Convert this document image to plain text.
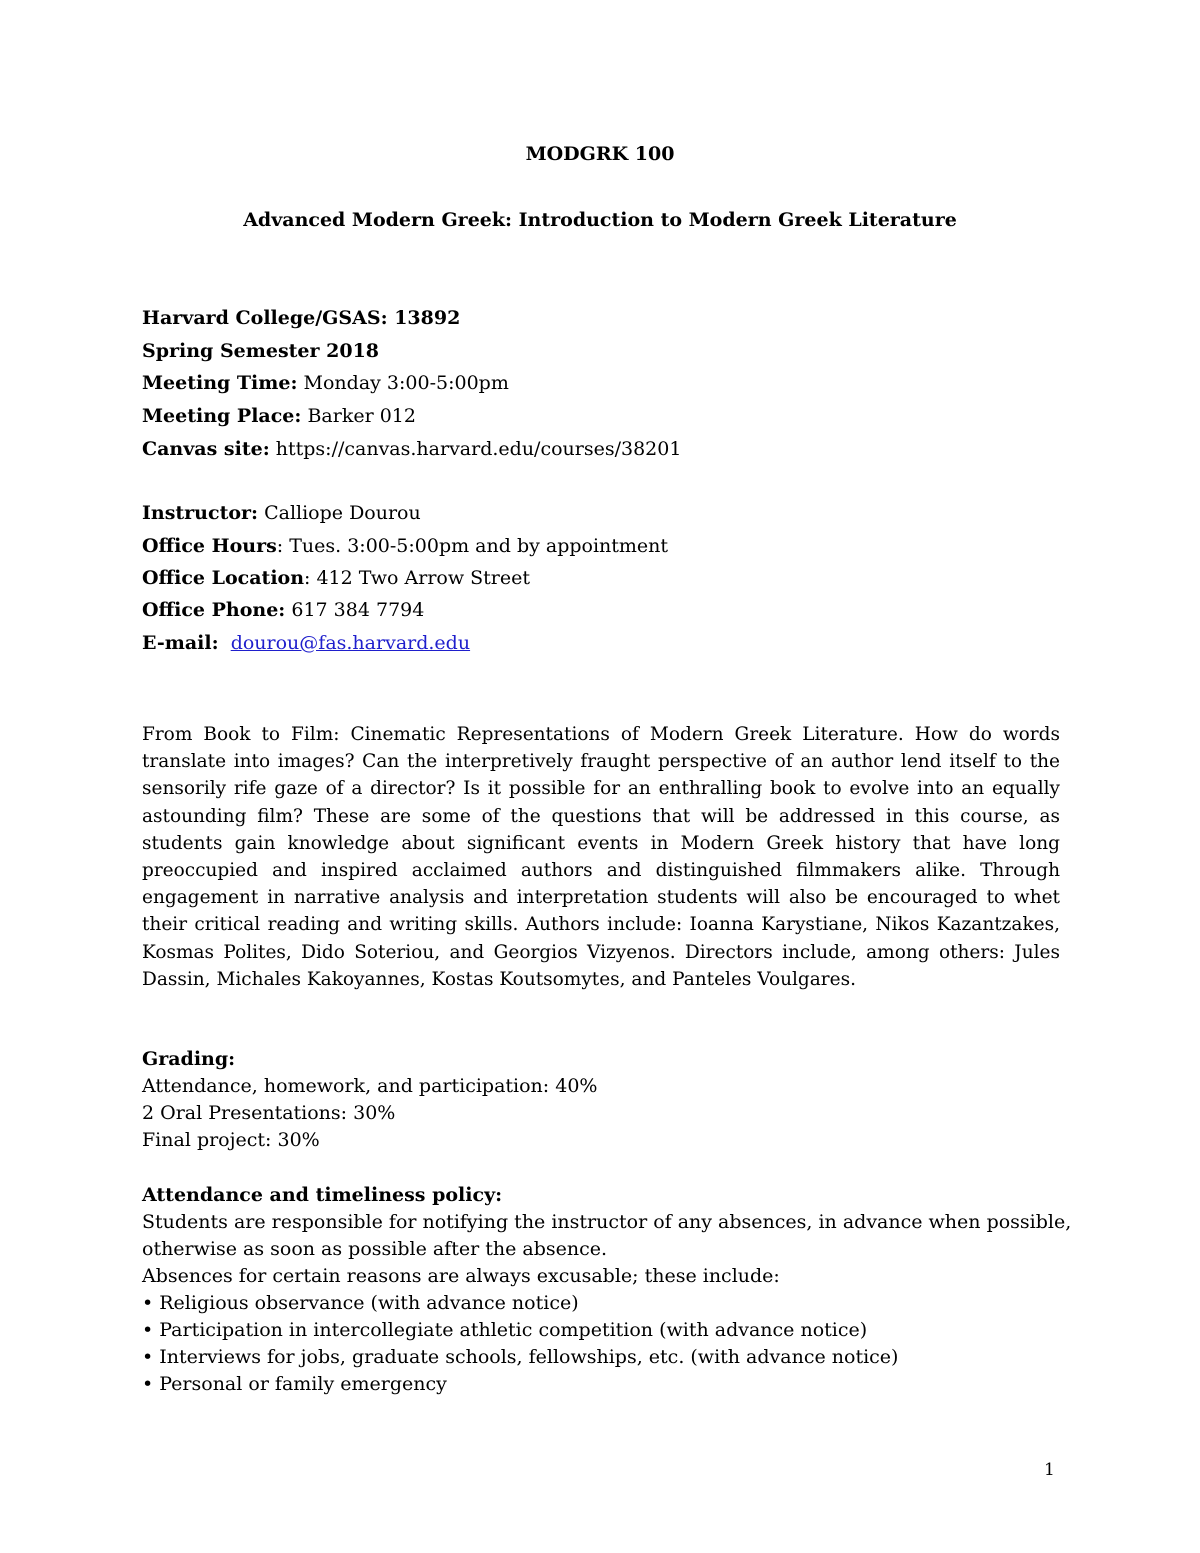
MODGRK 100
Advanced Modern Greek: Introduction to Modern Greek Literature
Harvard College/GSAS: 13892
Spring Semester 2018
Meeting Time: Monday 3:00-5:00pm
Meeting Place: Barker 012
Canvas site: https://canvas.harvard.edu/courses/38201
Instructor: Calliope Dourou
Office Hours: Tues. 3:00-5:00pm and by appointment
Office Location: 412 Two Arrow Street
Office Phone: 617 384 7794
E-mail: dourou@fas.harvard.edu
From Book to Film: Cinematic Representations of Modern Greek Literature. How do words translate into images? Can the interpretively fraught perspective of an author lend itself to the sensorily rife gaze of a director? Is it possible for an enthralling book to evolve into an equally astounding film? These are some of the questions that will be addressed in this course, as students gain knowledge about significant events in Modern Greek history that have long preoccupied and inspired acclaimed authors and distinguished filmmakers alike. Through engagement in narrative analysis and interpretation students will also be encouraged to whet their critical reading and writing skills. Authors include: Ioanna Karystiane, Nikos Kazantzakes, Kosmas Polites, Dido Soteriou, and Georgios Vizyenos. Directors include, among others: Jules Dassin, Michales Kakoyannes, Kostas Koutsomytes, and Panteles Voulgares.
Grading:
Attendance, homework, and participation: 40%
2 Oral Presentations: 30%
Final project: 30%
Attendance and timeliness policy:
Students are responsible for notifying the instructor of any absences, in advance when possible,
otherwise as soon as possible after the absence.
Absences for certain reasons are always excusable; these include:
• Religious observance (with advance notice)
• Participation in intercollegiate athletic competition (with advance notice)
• Interviews for jobs, graduate schools, fellowships, etc. (with advance notice)
• Personal or family emergency
1
